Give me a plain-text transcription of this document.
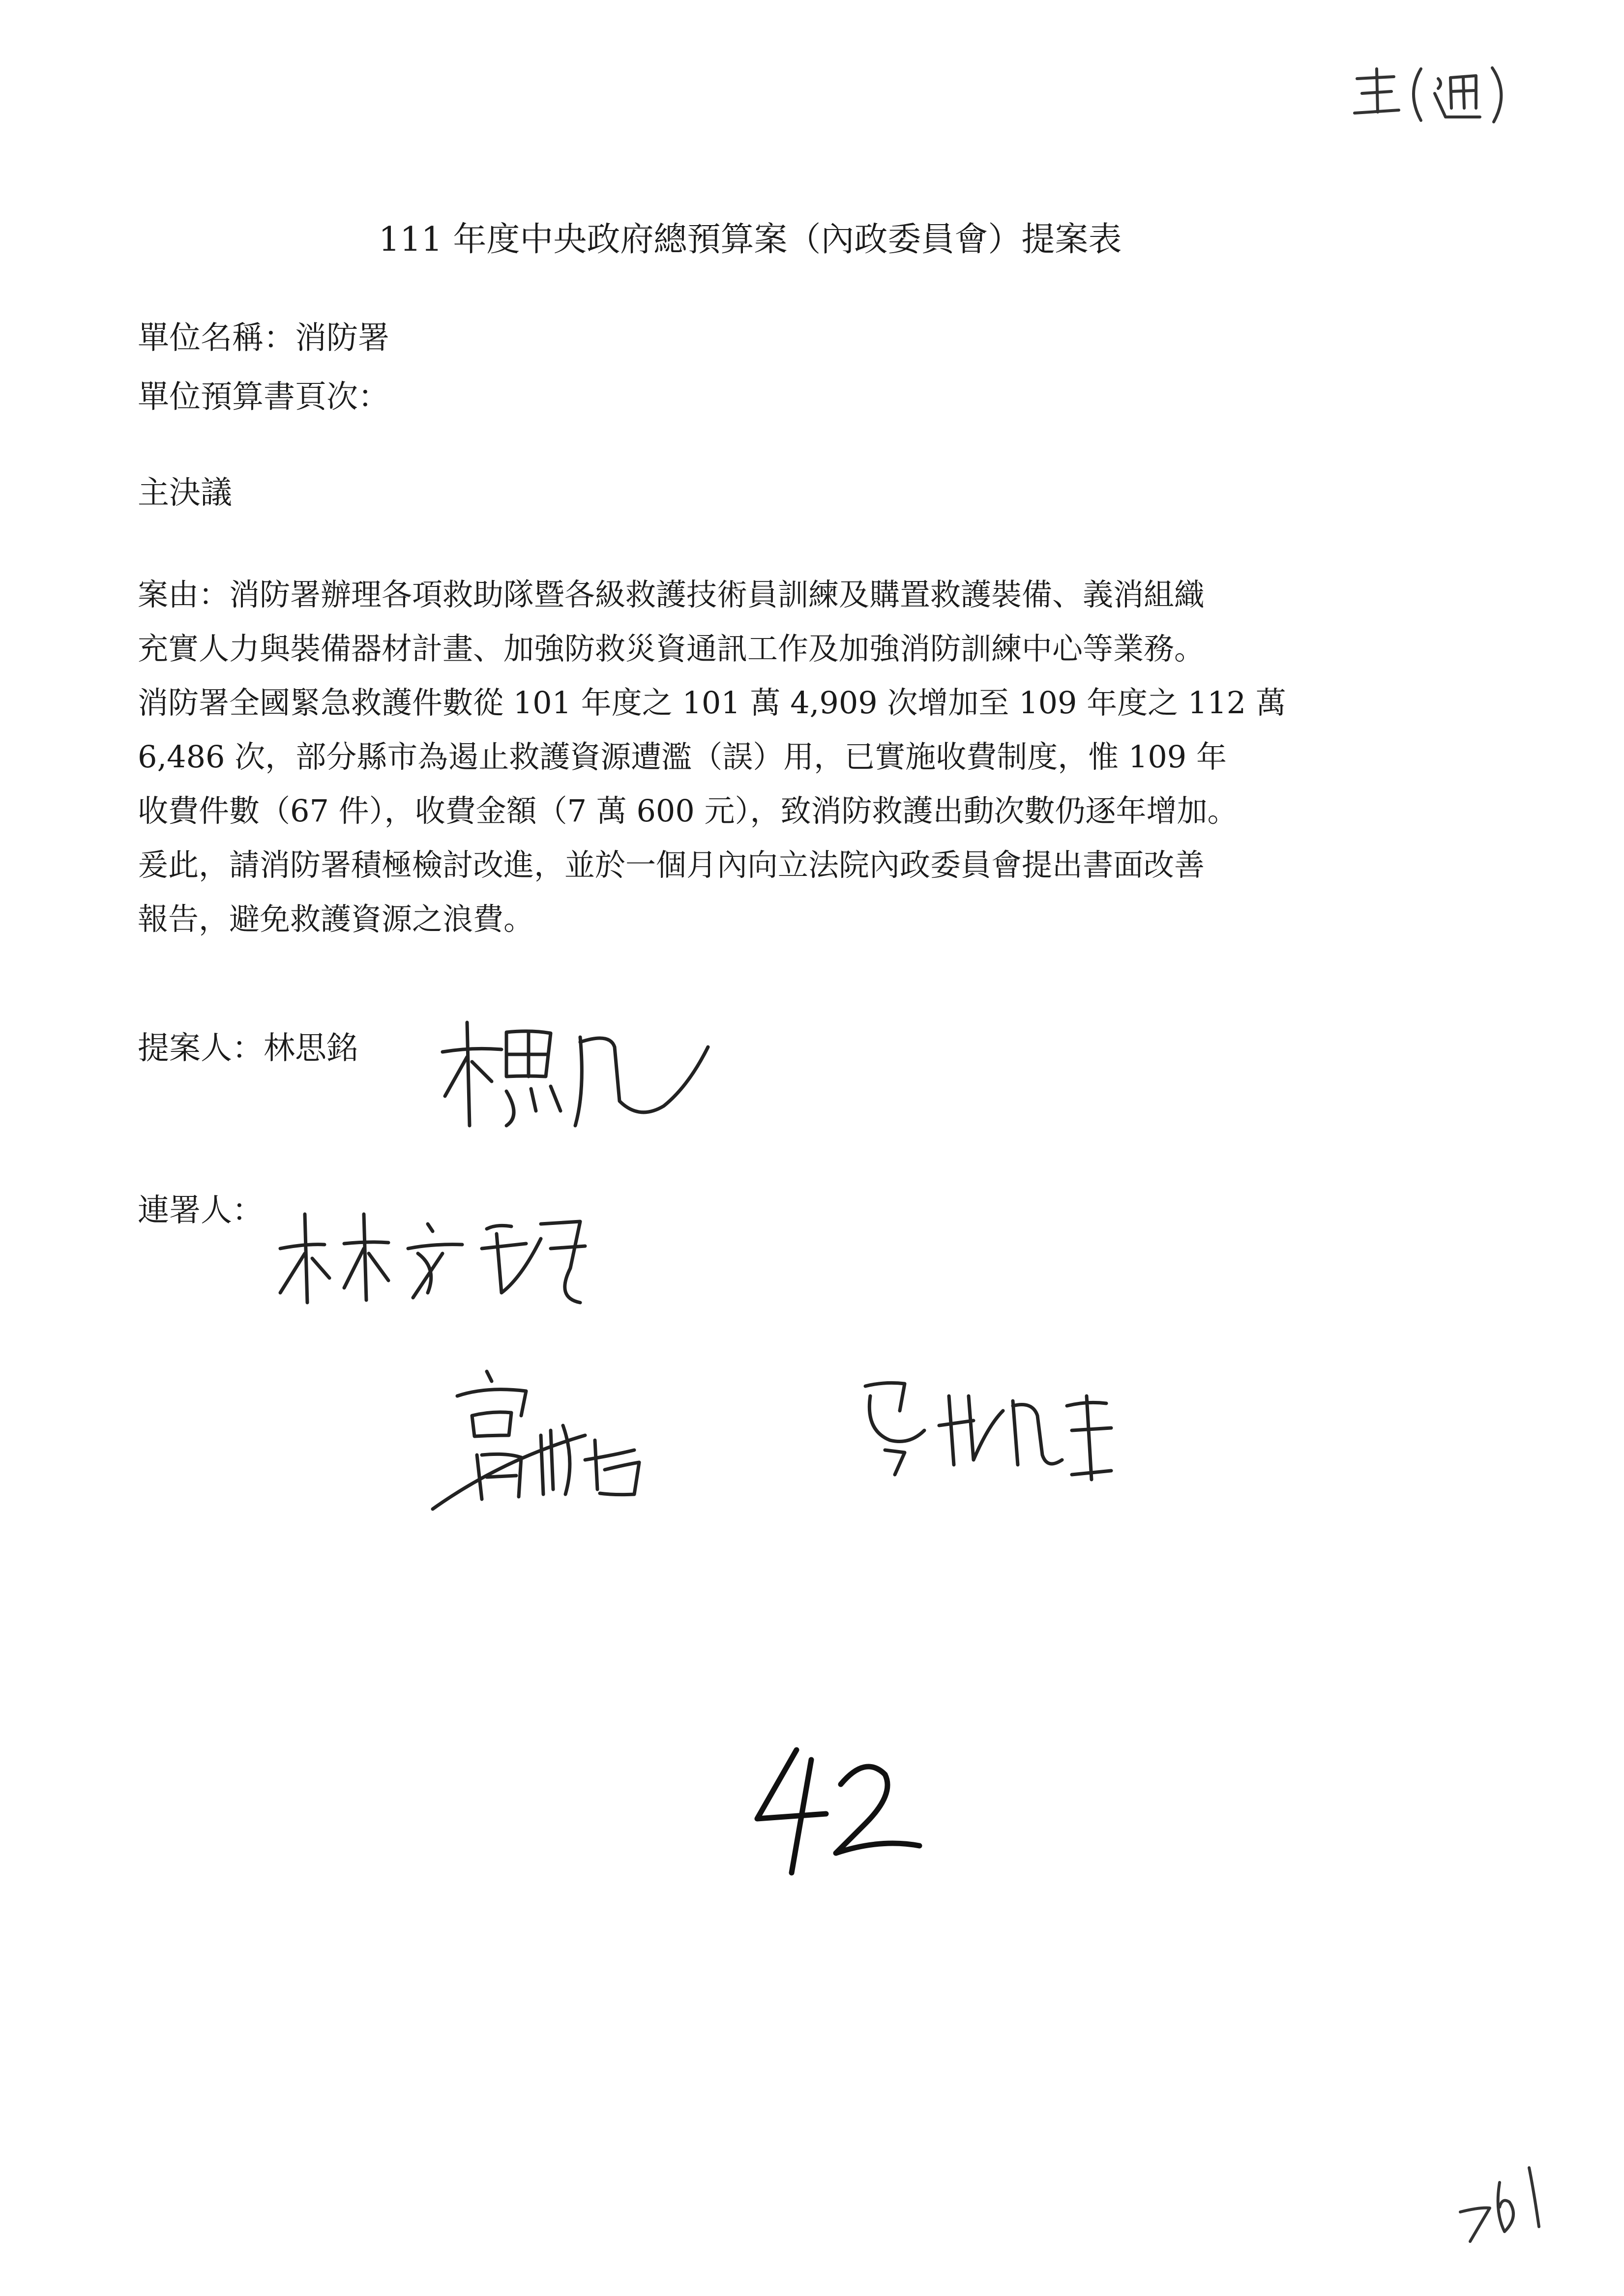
111 年度中央政府總預算案（內政委員會）提案表
單位名稱：消防署
單位預算書頁次：
主決議
案由：消防署辦理各項救助隊暨各級救護技術員訓練及購置救護裝備、義消組織
充實人力與裝備器材計畫、加強防救災資通訊工作及加強消防訓練中心等業務。
消防署全國緊急救護件數從 101 年度之 101 萬 4,909 次增加至 109 年度之 112 萬
6,486 次，部分縣市為遏止救護資源遭濫（誤）用，已實施收費制度，惟 109 年
收費件數（67 件），收費金額（7 萬 600 元），致消防救護出動次數仍逐年增加。
爰此，請消防署積極檢討改進，並於一個月內向立法院內政委員會提出書面改善
報告，避免救護資源之浪費。
提案人：林思銘
連署人：
